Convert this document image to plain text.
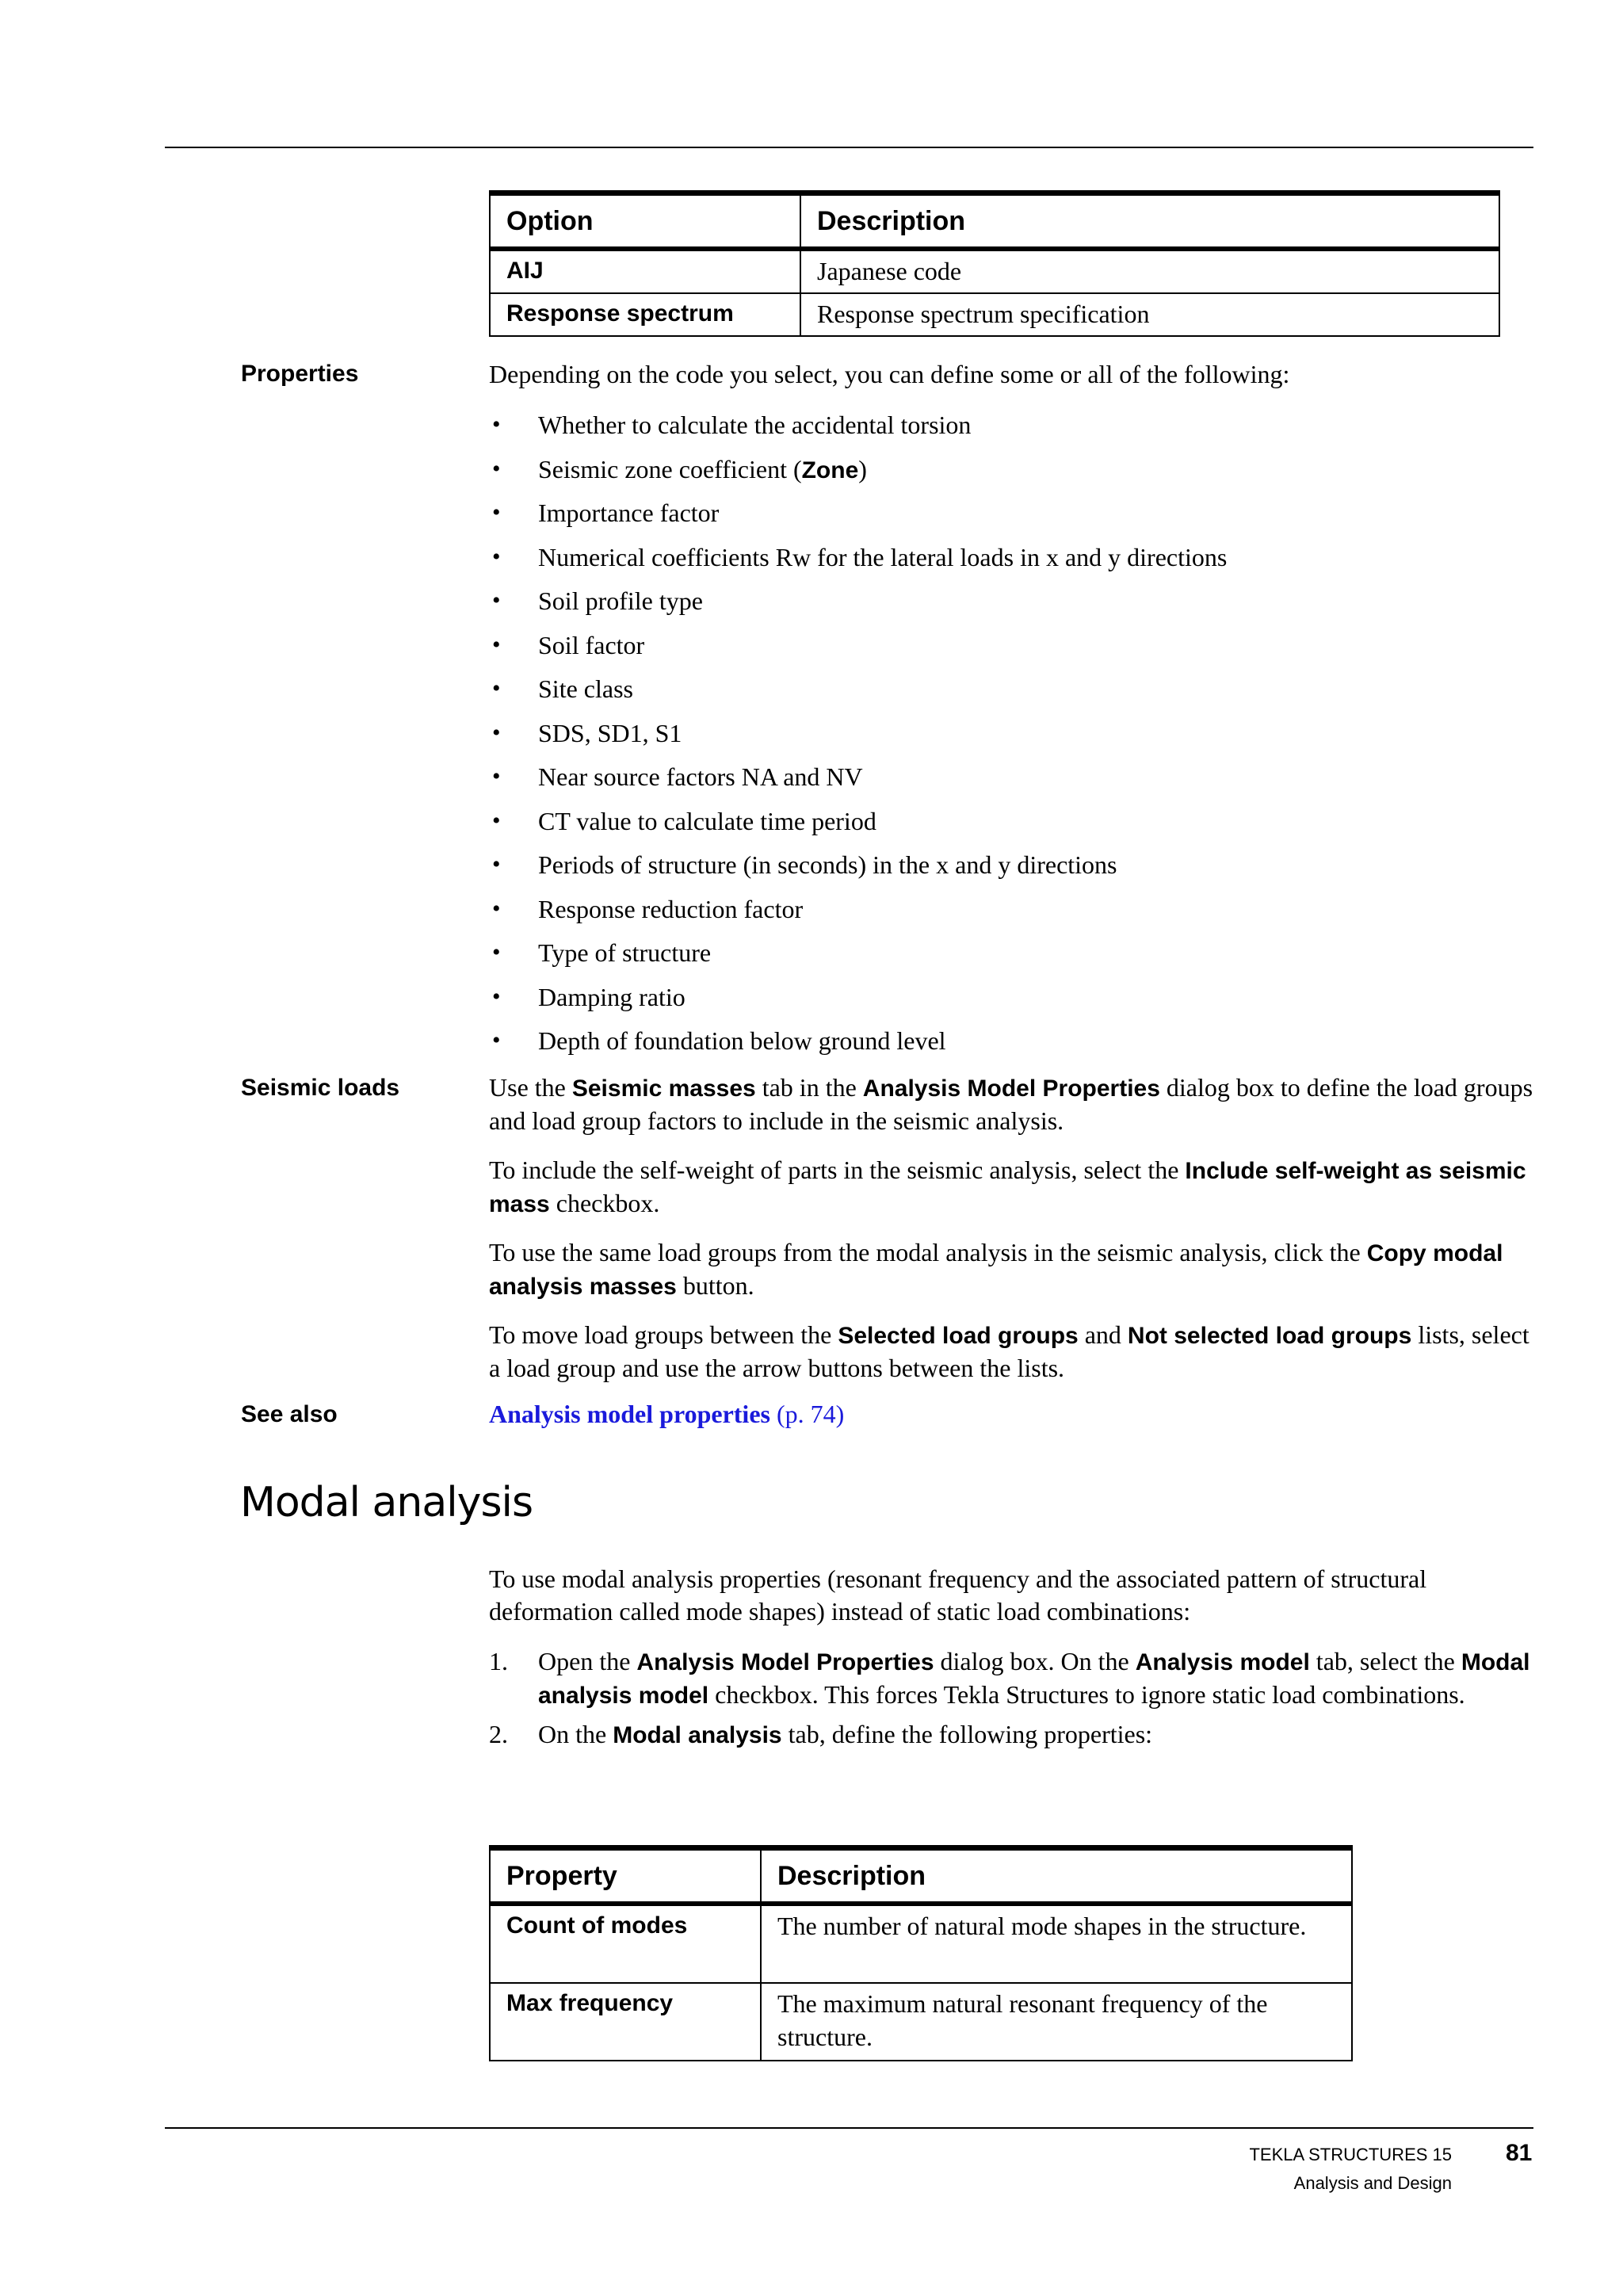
Option	Description
AIJ	Japanese code
Response spectrum	Response spectrum specification
Properties	Depending on the code you select, you can define some or all of the following:

• Whether to calculate the accidental torsion
• Seismic zone coefficient (Zone)
• Importance factor
• Numerical coefficients Rw for the lateral loads in x and y directions
• Soil profile type
• Soil factor
• Site class
• SDS, SD1, S1
• Near source factors NA and NV
• CT value to calculate time period
• Periods of structure (in seconds) in the x and y directions
• Response reduction factor
• Type of structure
• Damping ratio
• Depth of foundation below ground level
Seismic loads	Use the Seismic masses tab in the Analysis Model Properties dialog box to define the load groups and load group factors to include in the seismic analysis.

To include the self-weight of parts in the seismic analysis, select the Include self-weight as seismic mass checkbox.

To use the same load groups from the modal analysis in the seismic analysis, click the Copy modal analysis masses button.

To move load groups between the Selected load groups and Not selected load groups lists, select a load group and use the arrow buttons between the lists.

See also	Analysis model properties (p. 74)

Modal analysis

To use modal analysis properties (resonant frequency and the associated pattern of structural deformation called mode shapes) instead of static load combinations:

1. Open the Analysis Model Properties dialog box. On the Analysis model tab, select the Modal analysis model checkbox. This forces Tekla Structures to ignore static load combinations.
2. On the Modal analysis tab, define the following properties:
Property	Description
Count of modes	The number of natural mode shapes in the structure.
Max frequency	The maximum natural resonant frequency of the structure.
TEKLA STRUCTURES 15
Analysis and Design
81
